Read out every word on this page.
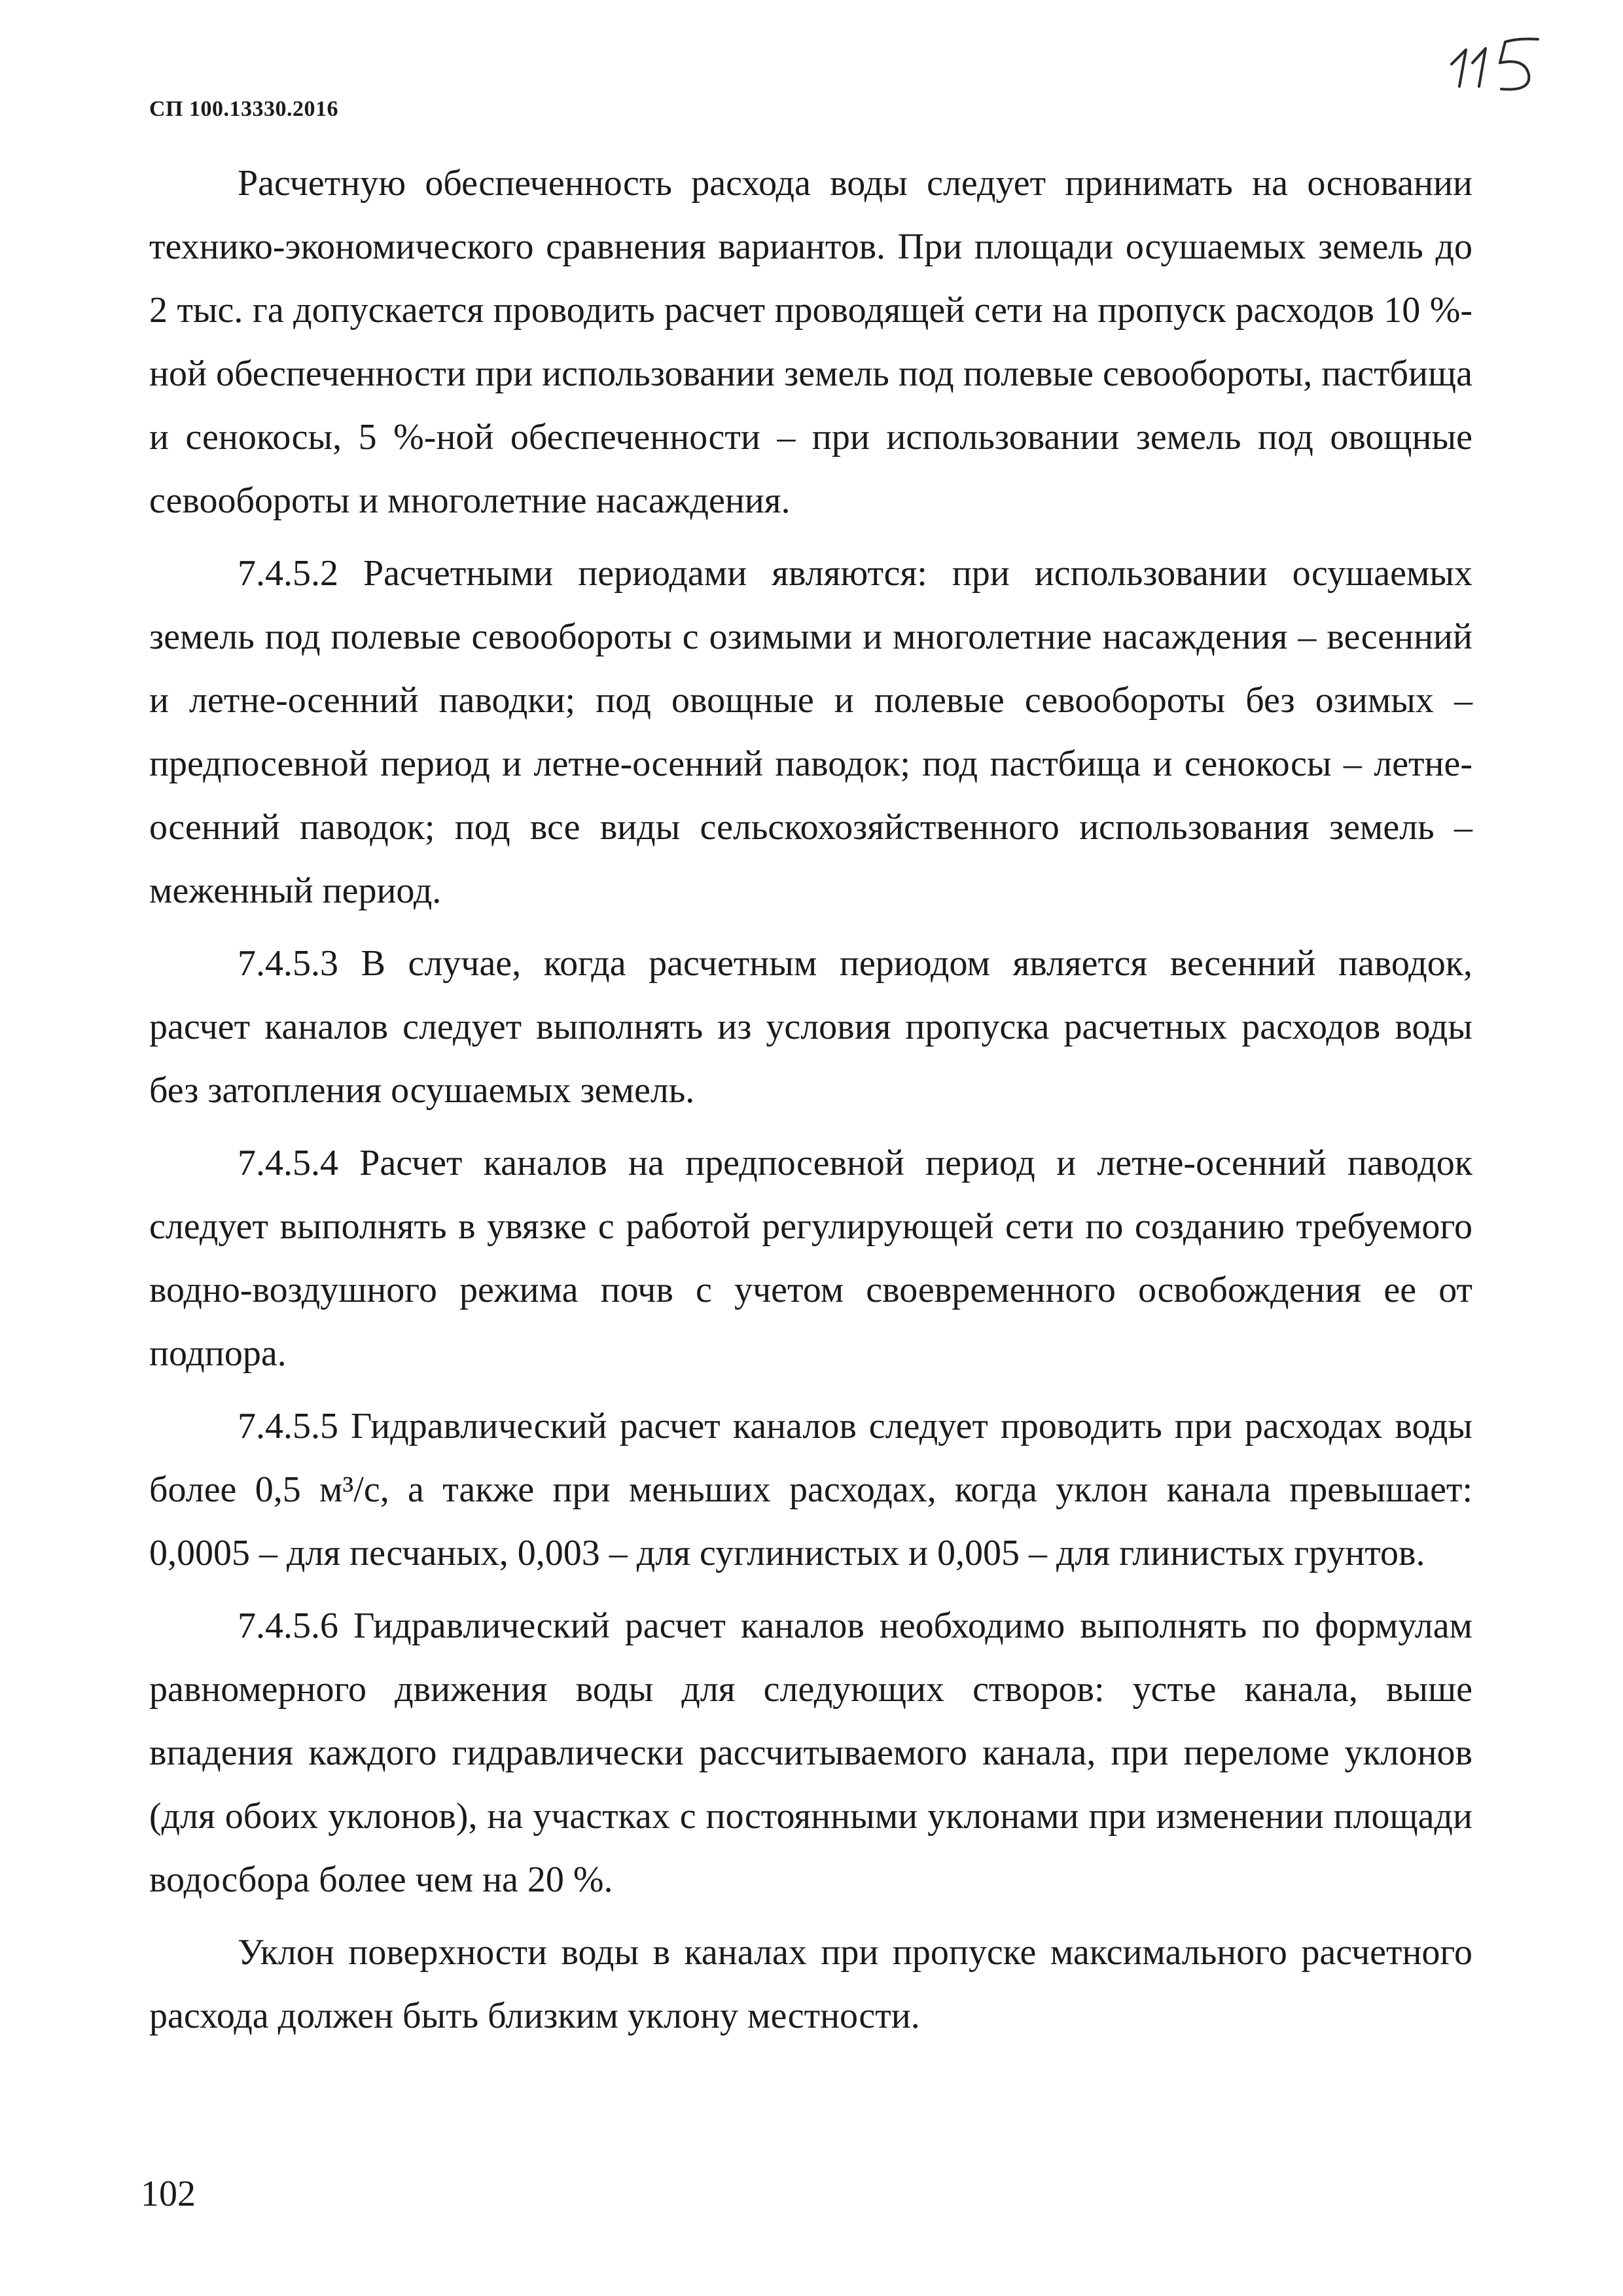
СП 100.13330.2016

Расчетную обеспеченность расхода воды следует принимать на основании технико-экономического сравнения вариантов. При площади осушаемых земель до 2 тыс. га допускается проводить расчет проводящей сети на пропуск расходов 10 %-ной обеспеченности при использовании земель под полевые севообороты, пастбища и сенокосы, 5 %-ной обеспеченности – при использовании земель под овощные севообороты и многолетние насаждения.

7.4.5.2 Расчетными периодами являются: при использовании осушаемых земель под полевые севообороты с озимыми и многолетние насаждения – весенний и летне-осенний паводки; под овощные и полевые севообороты без озимых – предпосевной период и летне-осенний паводок; под пастбища и сенокосы – летне-осенний паводок; под все виды сельскохозяйственного использования земель – меженный период.

7.4.5.3 В случае, когда расчетным периодом является весенний паводок, расчет каналов следует выполнять из условия пропуска расчетных расходов воды без затопления осушаемых земель.

7.4.5.4 Расчет каналов на предпосевной период и летне-осенний паводок следует выполнять в увязке с работой регулирующей сети по созданию требуемого водно-воздушного режима почв с учетом своевременного освобождения ее от подпора.

7.4.5.5 Гидравлический расчет каналов следует проводить при расходах воды более 0,5 м³/с, а также при меньших расходах, когда уклон канала превышает: 0,0005 – для песчаных, 0,003 – для суглинистых и 0,005 – для глинистых грунтов.

7.4.5.6 Гидравлический расчет каналов необходимо выполнять по формулам равномерного движения воды для следующих створов: устье канала, выше впадения каждого гидравлически рассчитываемого канала, при переломе уклонов (для обоих уклонов), на участках с постоянными уклонами при изменении площади водосбора более чем на 20 %.

Уклон поверхности воды в каналах при пропуске максимального расчетного расхода должен быть близким уклону местности.

102
